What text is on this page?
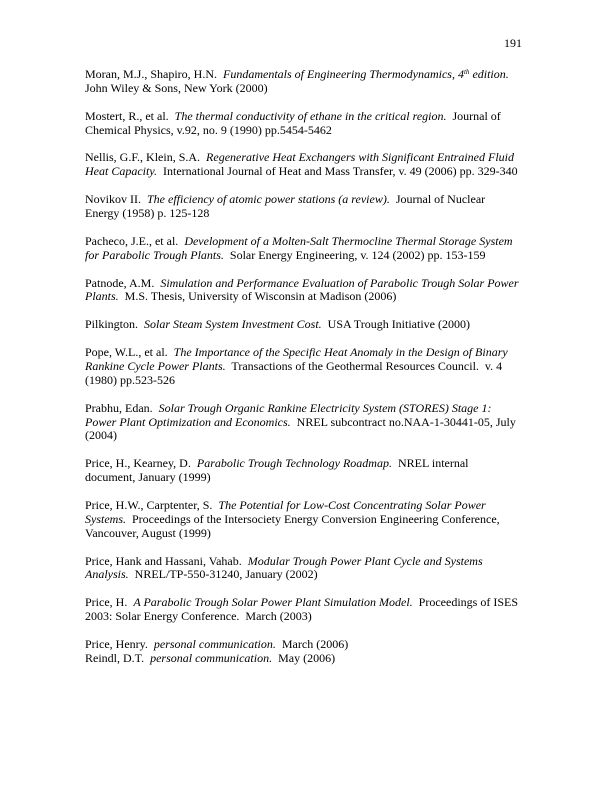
191

Moran, M.J., Shapiro, H.N.  Fundamentals of Engineering Thermodynamics, 4th edition.  John Wiley & Sons, New York (2000)

Mostert, R., et al.  The thermal conductivity of ethane in the critical region.  Journal of Chemical Physics, v.92, no. 9 (1990) pp.5454-5462

Nellis, G.F., Klein, S.A.  Regenerative Heat Exchangers with Significant Entrained Fluid Heat Capacity.  International Journal of Heat and Mass Transfer, v. 49 (2006) pp. 329-340

Novikov II.  The efficiency of atomic power stations (a review).  Journal of Nuclear Energy (1958) p. 125-128

Pacheco, J.E., et al.  Development of a Molten-Salt Thermocline Thermal Storage System for Parabolic Trough Plants.  Solar Energy Engineering, v. 124 (2002) pp. 153-159

Patnode, A.M.  Simulation and Performance Evaluation of Parabolic Trough Solar Power Plants.  M.S. Thesis, University of Wisconsin at Madison (2006)

Pilkington.  Solar Steam System Investment Cost.  USA Trough Initiative (2000)

Pope, W.L., et al.  The Importance of the Specific Heat Anomaly in the Design of Binary Rankine Cycle Power Plants.  Transactions of the Geothermal Resources Council.  v. 4 (1980) pp.523-526

Prabhu, Edan.  Solar Trough Organic Rankine Electricity System (STORES) Stage 1: Power Plant Optimization and Economics.  NREL subcontract no.NAA-1-30441-05, July (2004)

Price, H., Kearney, D.  Parabolic Trough Technology Roadmap.  NREL internal document, January (1999)

Price, H.W., Carptenter, S.  The Potential for Low-Cost Concentrating Solar Power Systems.  Proceedings of the Intersociety Energy Conversion Engineering Conference, Vancouver, August (1999)

Price, Hank and Hassani, Vahab.  Modular Trough Power Plant Cycle and Systems Analysis.  NREL/TP-550-31240, January (2002)

Price, H.  A Parabolic Trough Solar Power Plant Simulation Model.  Proceedings of ISES 2003: Solar Energy Conference.  March (2003)

Price, Henry.  personal communication.  March (2006)

Reindl, D.T.  personal communication.  May (2006)
